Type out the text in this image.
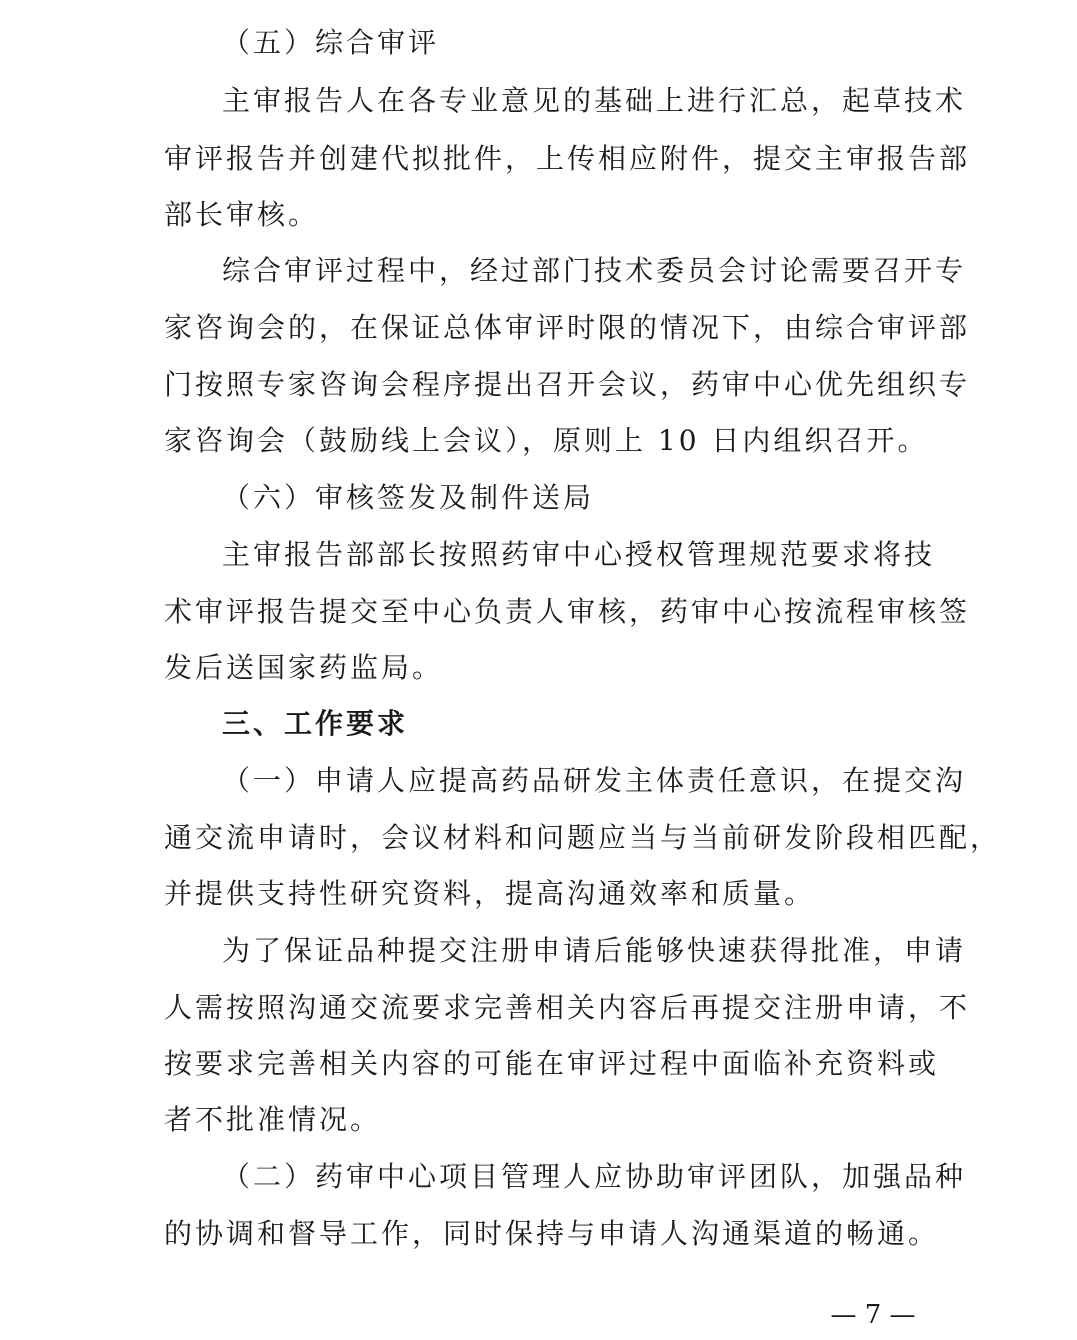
（五）综合审评
主审报告人在各专业意见的基础上进行汇总，起草技术
审评报告并创建代拟批件，上传相应附件，提交主审报告部
部长审核。
综合审评过程中，经过部门技术委员会讨论需要召开专
家咨询会的，在保证总体审评时限的情况下，由综合审评部
门按照专家咨询会程序提出召开会议，药审中心优先组织专
家咨询会（鼓励线上会议），原则上 10 日内组织召开。
（六）审核签发及制件送局
主审报告部部长按照药审中心授权管理规范要求将技
术审评报告提交至中心负责人审核，药审中心按流程审核签
发后送国家药监局。
三、工作要求
（一）申请人应提高药品研发主体责任意识，在提交沟
通交流申请时，会议材料和问题应当与当前研发阶段相匹配，
并提供支持性研究资料，提高沟通效率和质量。
为了保证品种提交注册申请后能够快速获得批准，申请
人需按照沟通交流要求完善相关内容后再提交注册申请，不
按要求完善相关内容的可能在审评过程中面临补充资料或
者不批准情况。
（二）药审中心项目管理人应协助审评团队，加强品种
的协调和督导工作，同时保持与申请人沟通渠道的畅通。
— 7 —
